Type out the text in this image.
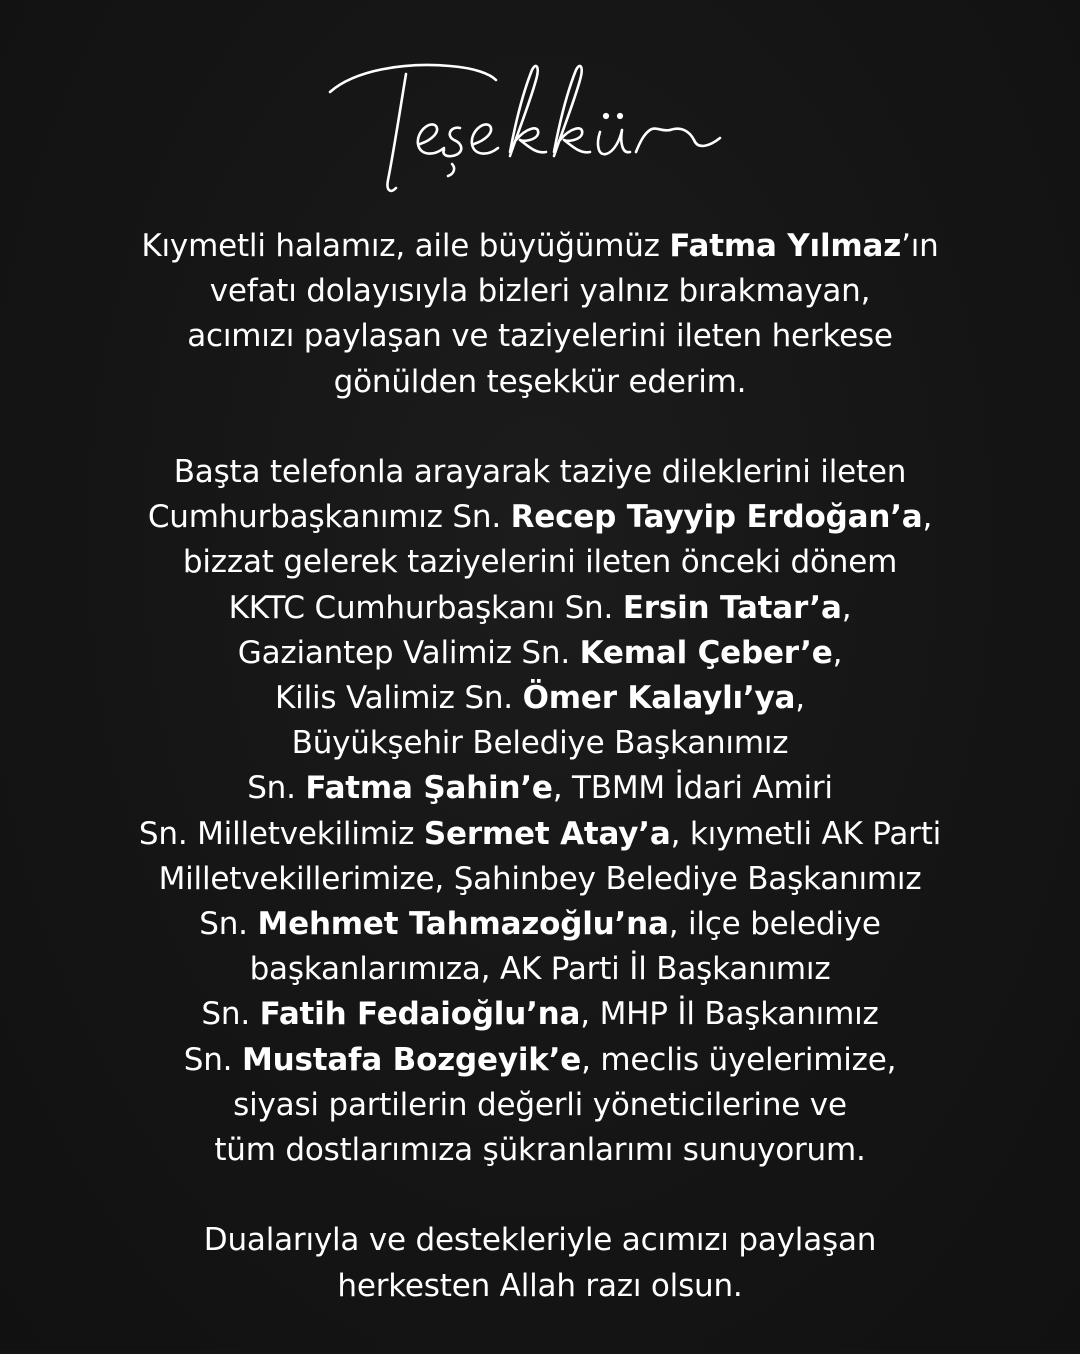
Kıymetli halamız, aile büyüğümüz Fatma Yılmaz’ın
vefatı dolayısıyla bizleri yalnız bırakmayan,
acımızı paylaşan ve taziyelerini ileten herkese
gönülden teşekkür ederim.
Başta telefonla arayarak taziye dileklerini ileten
Cumhurbaşkanımız Sn. Recep Tayyip Erdoğan’a,
bizzat gelerek taziyelerini ileten önceki dönem
KKTC Cumhurbaşkanı Sn. Ersin Tatar’a,
Gaziantep Valimiz Sn. Kemal Çeber’e,
Kilis Valimiz Sn. Ömer Kalaylı’ya,
Büyükşehir Belediye Başkanımız
Sn. Fatma Şahin’e, TBMM İdari Amiri
Sn. Milletvekilimiz Sermet Atay’a, kıymetli AK Parti
Milletvekillerimize, Şahinbey Belediye Başkanımız
Sn. Mehmet Tahmazoğlu’na, ilçe belediye
başkanlarımıza, AK Parti İl Başkanımız
Sn. Fatih Fedaioğlu’na, MHP İl Başkanımız
Sn. Mustafa Bozgeyik’e, meclis üyelerimize,
siyasi partilerin değerli yöneticilerine ve
tüm dostlarımıza şükranlarımı sunuyorum.
Dualarıyla ve destekleriyle acımızı paylaşan
herkesten Allah razı olsun.
